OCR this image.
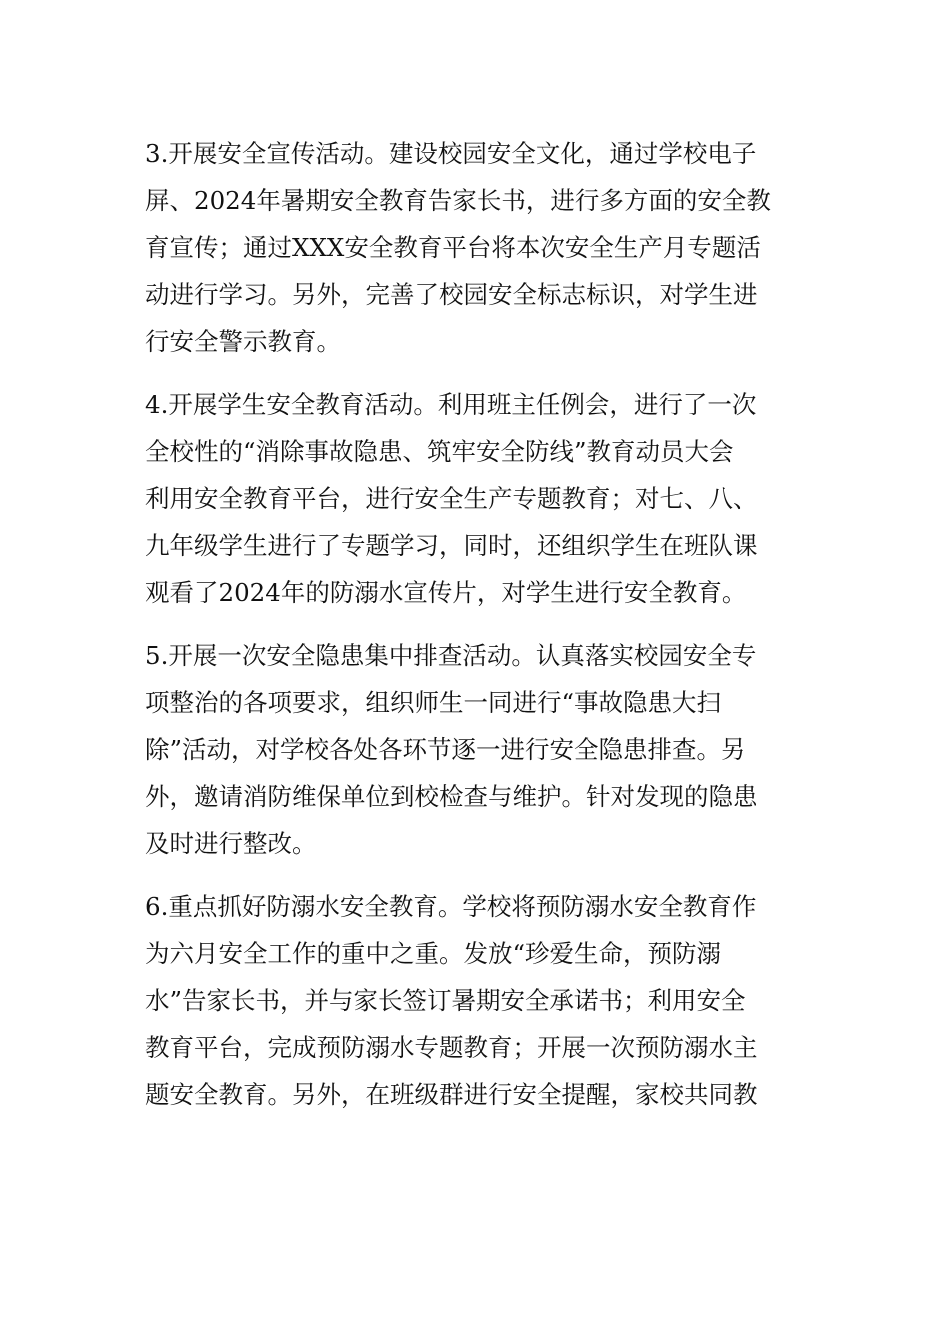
3.开展安全宣传活动。建设校园安全文化，通过学校电子
屏、2024年暑期安全教育告家长书，进行多方面的安全教
育宣传；通过XXX安全教育平台将本次安全生产月专题活
动进行学习。另外，完善了校园安全标志标识，对学生进
行安全警示教育。

4.开展学生安全教育活动。利用班主任例会，进行了一次
全校性的“消除事故隐患、筑牢安全防线”教育动员大会
利用安全教育平台，进行安全生产专题教育；对七、八、
九年级学生进行了专题学习，同时，还组织学生在班队课
观看了2024年的防溺水宣传片，对学生进行安全教育。

5.开展一次安全隐患集中排查活动。认真落实校园安全专
项整治的各项要求，组织师生一同进行“事故隐患大扫
除”活动，对学校各处各环节逐一进行安全隐患排查。另
外，邀请消防维保单位到校检查与维护。针对发现的隐患
及时进行整改。

6.重点抓好防溺水安全教育。学校将预防溺水安全教育作
为六月安全工作的重中之重。发放“珍爱生命，预防溺
水”告家长书，并与家长签订暑期安全承诺书；利用安全
教育平台，完成预防溺水专题教育；开展一次预防溺水主
题安全教育。另外，在班级群进行安全提醒，家校共同教
